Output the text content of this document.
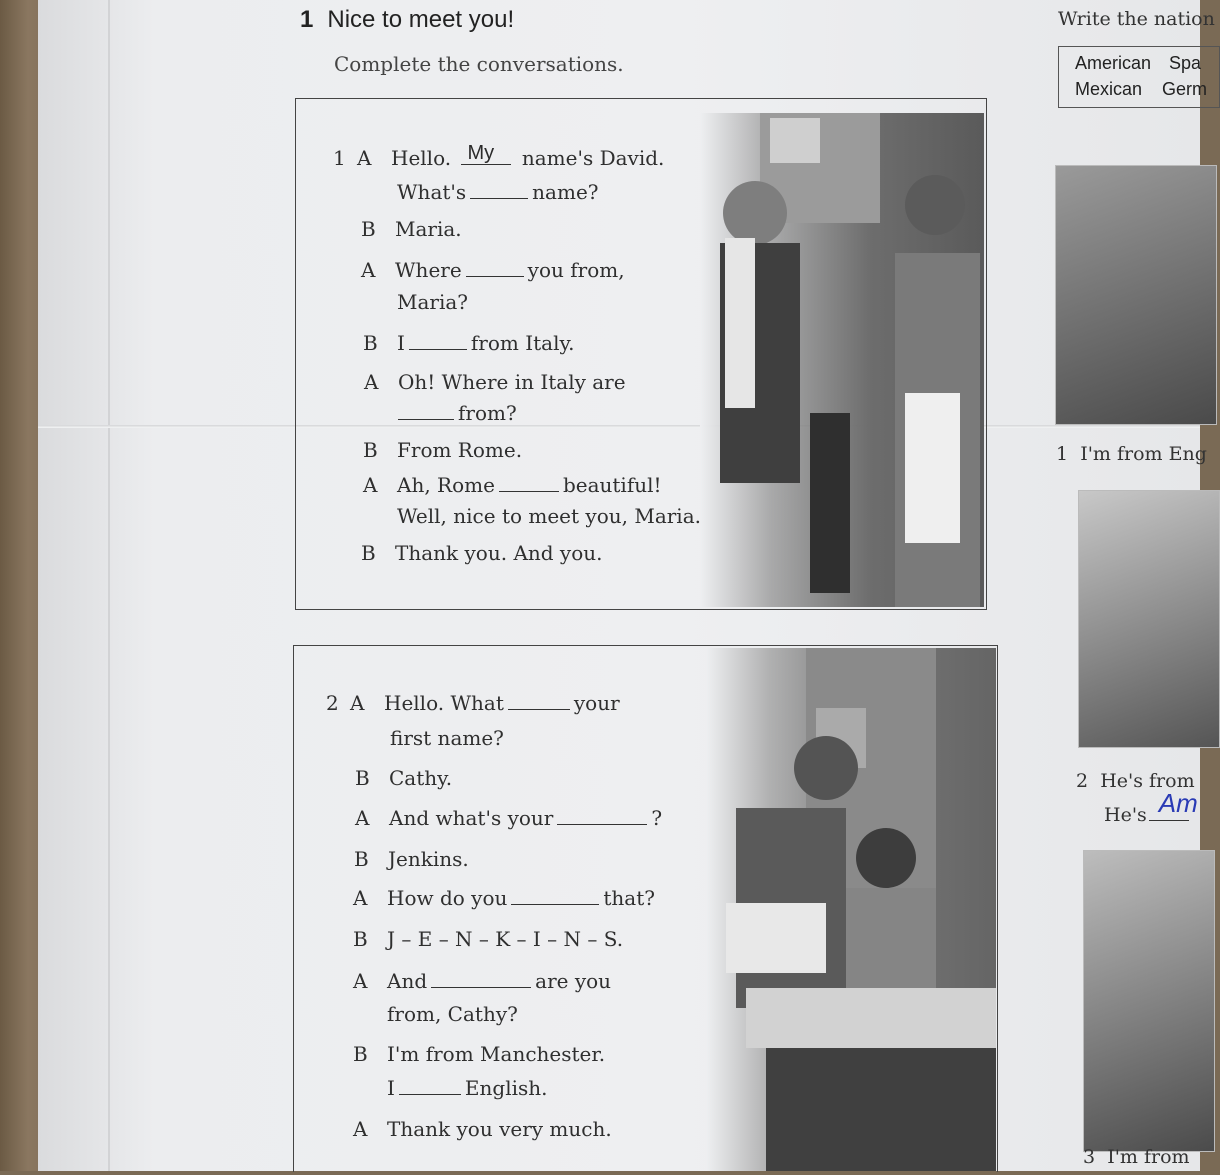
1 Nice to meet you!
Complete the conversations.
1 A Hello. My name's David.
What's	name?
B Maria.
A Where	you from,
Maria?
B I	from Italy.
A Oh! Where in Italy are
from?
B From Rome.
A Ah, Rome	beautiful!
Well, nice to meet you, Maria.
B Thank you. And you.
2 A Hello. What	your
first name?
B Cathy.
A And what's your	?
B Jenkins.
A How do you	that?
B J – E – N – K – I – N – S.
A And	are you
from, Cathy?
B I'm from Manchester.
I	English.
A Thank you very much.
Write the nation
American Spa
Mexican Germ
1 I'm from Eng
2 He's from
He's Am
3 I'm from
